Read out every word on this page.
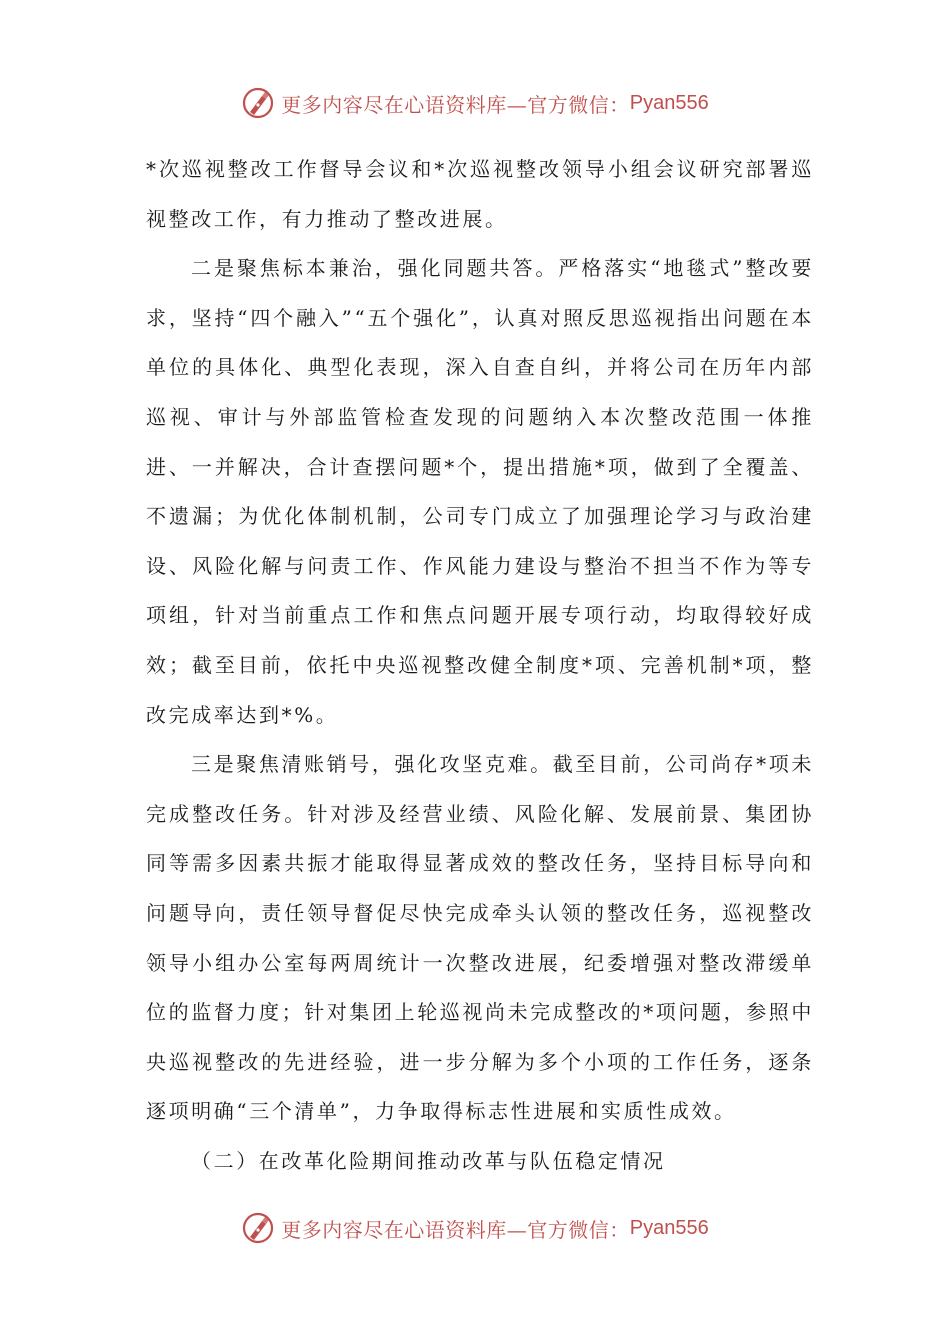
更多内容尽在心语资料库—官方微信： Pyan556

*次巡视整改工作督导会议和*次巡视整改领导小组会议研究部署巡视整改工作，有力推动了整改进展。

二是聚焦标本兼治，强化同题共答。严格落实“地毯式”整改要求，坚持“四个融入”“五个强化”，认真对照反思巡视指出问题在本单位的具体化、典型化表现，深入自查自纠，并将公司在历年内部巡视、审计与外部监管检查发现的问题纳入本次整改范围一体推进、一并解决，合计查摆问题*个，提出措施*项，做到了全覆盖、不遗漏；为优化体制机制，公司专门成立了加强理论学习与政治建设、风险化解与问责工作、作风能力建设与整治不担当不作为等专项组，针对当前重点工作和焦点问题开展专项行动，均取得较好成效；截至目前，依托中央巡视整改健全制度*项、完善机制*项，整改完成率达到*%。

三是聚焦清账销号，强化攻坚克难。截至目前，公司尚存*项未完成整改任务。针对涉及经营业绩、风险化解、发展前景、集团协同等需多因素共振才能取得显著成效的整改任务，坚持目标导向和问题导向，责任领导督促尽快完成牵头认领的整改任务，巡视整改领导小组办公室每两周统计一次整改进展，纪委增强对整改滞缓单位的监督力度；针对集团上轮巡视尚未完成整改的*项问题，参照中央巡视整改的先进经验，进一步分解为多个小项的工作任务，逐条逐项明确“三个清单”，力争取得标志性进展和实质性成效。

（二）在改革化险期间推动改革与队伍稳定情况

更多内容尽在心语资料库—官方微信： Pyan556
